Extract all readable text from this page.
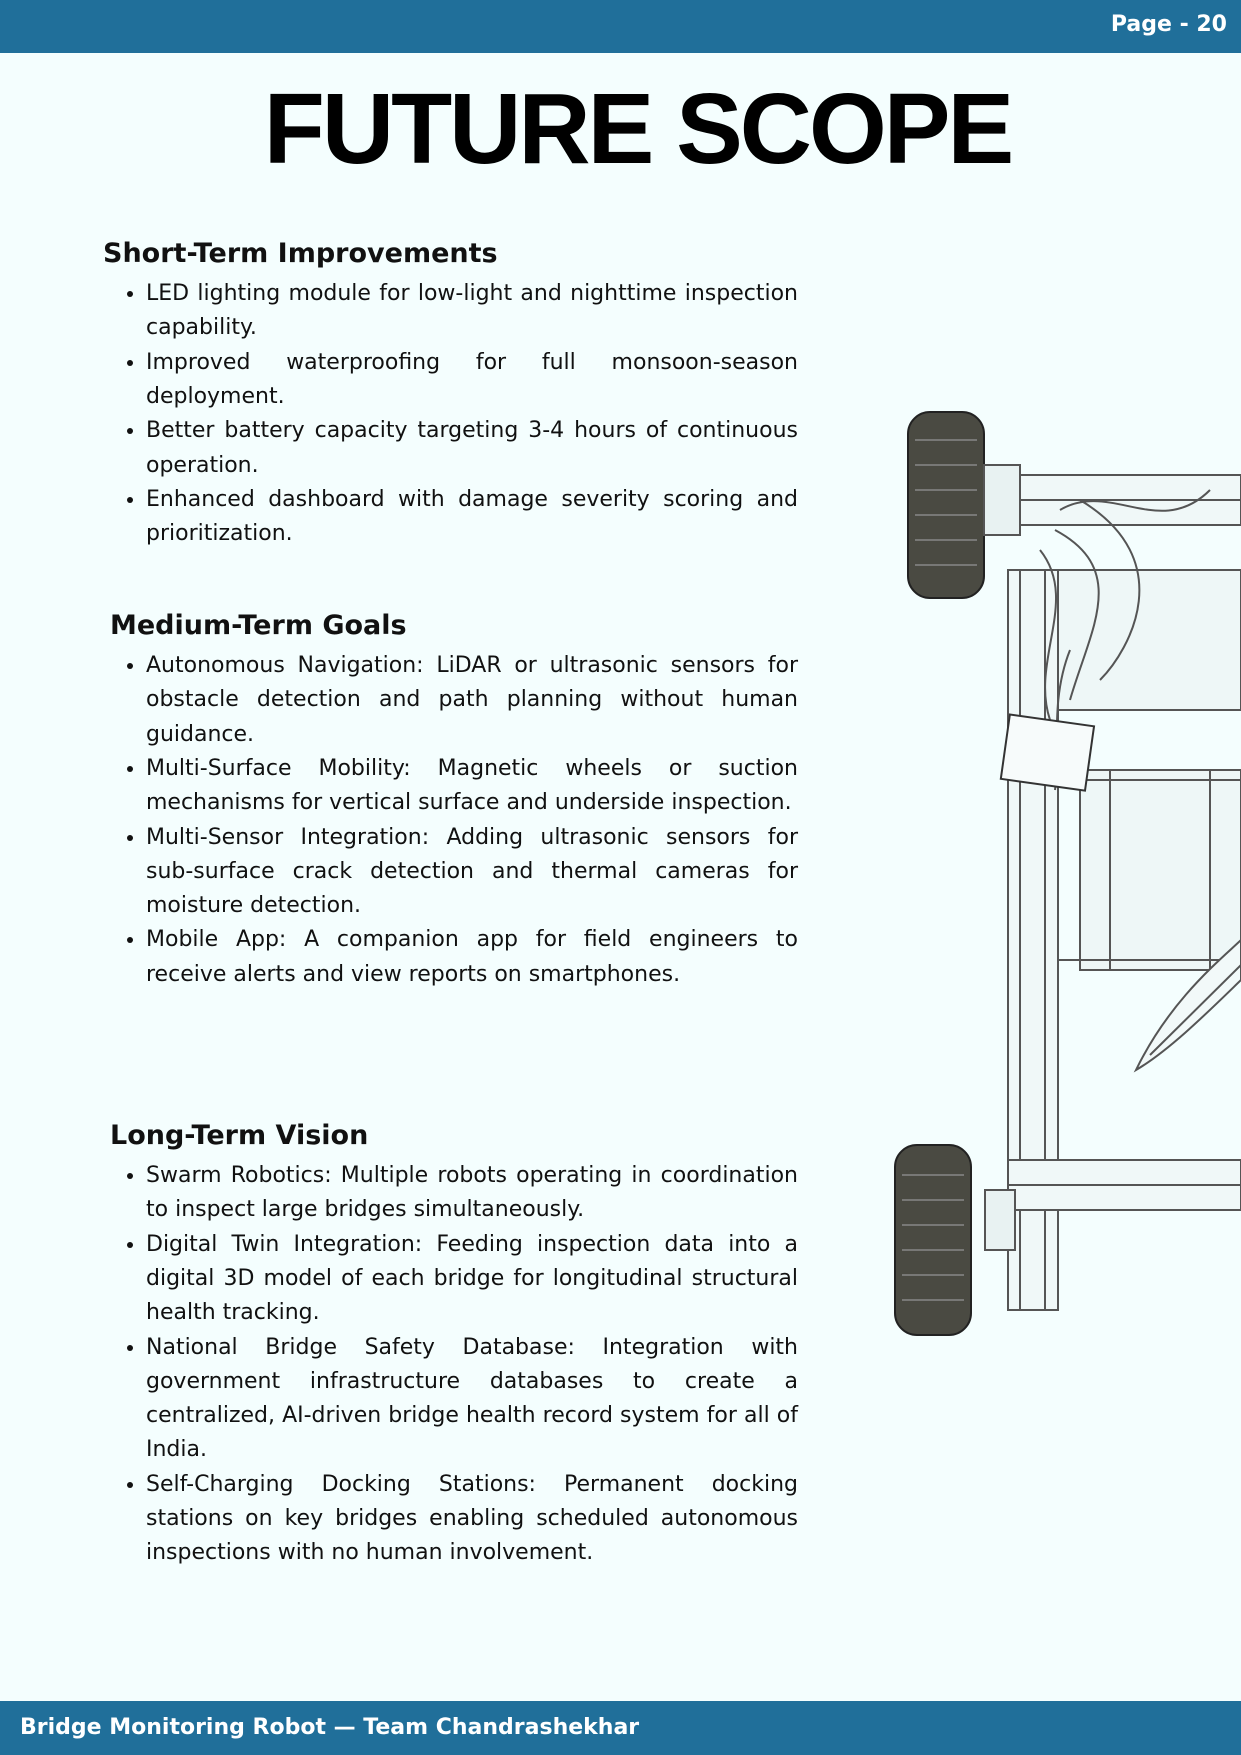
Page - 20
FUTURE SCOPE
Short-Term Improvements
• LED lighting module for low-light and nighttime inspection capability.
• Improved waterproofing for full monsoon-season deployment.
• Better battery capacity targeting 3-4 hours of continuous operation.
• Enhanced dashboard with damage severity scoring and prioritization.
Medium-Term Goals
• Autonomous Navigation: LiDAR or ultrasonic sensors for obstacle detection and path planning without human guidance.
• Multi-Surface Mobility: Magnetic wheels or suction mechanisms for vertical surface and underside inspection.
• Multi-Sensor Integration: Adding ultrasonic sensors for sub-surface crack detection and thermal cameras for moisture detection.
• Mobile App: A companion app for field engineers to receive alerts and view reports on smartphones.
Long-Term Vision
• Swarm Robotics: Multiple robots operating in coordination to inspect large bridges simultaneously.
• Digital Twin Integration: Feeding inspection data into a digital 3D model of each bridge for longitudinal structural health tracking.
• National Bridge Safety Database: Integration with government infrastructure databases to create a centralized, AI-driven bridge health record system for all of India.
• Self-Charging Docking Stations: Permanent docking stations on key bridges enabling scheduled autonomous inspections with no human involvement.
Bridge Monitoring Robot — Team Chandrashekhar
